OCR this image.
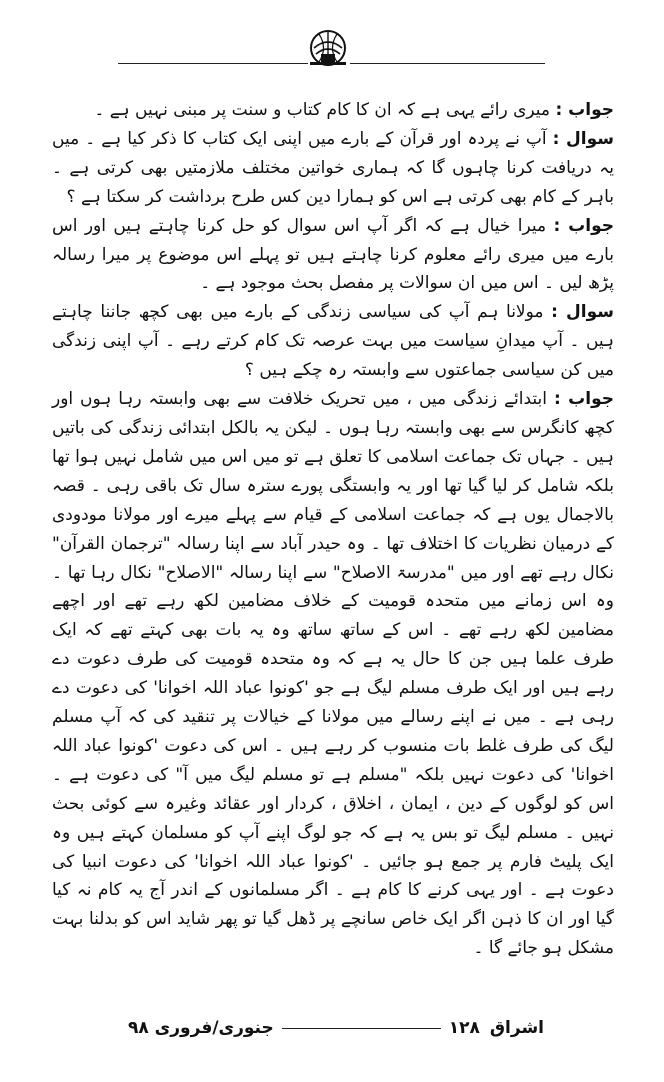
جواب : میری رائے یہی ہے کہ ان کا کام کتاب و سنت پر مبنی نہیں ہے ۔

سوال : آپ نے پردہ اور قرآن کے بارے میں اپنی ایک کتاب کا ذکر کیا ہے ۔ میں یہ دریافت کرنا چاہوں گا کہ ہماری خواتین مختلف ملازمتیں بھی کرتی ہے ۔ باہر کے کام بھی کرتی ہے اس کو ہمارا دین کس طرح برداشت کر سکتا ہے ؟

جواب : میرا خیال ہے کہ اگر آپ اس سوال کو حل کرنا چاہتے ہیں اور اس بارے میں میری رائے معلوم کرنا چاہتے ہیں تو پہلے اس موضوع پر میرا رسالہ پڑھ لیں ۔ اس میں ان سوالات پر مفصل بحث موجود ہے ۔

سوال : مولانا ہم آپ کی سیاسی زندگی کے بارے میں بھی کچھ جاننا چاہتے ہیں ۔ آپ میدانِ سیاست میں بہت عرصہ تک کام کرتے رہے ۔ آپ اپنی زندگی میں کن سیاسی جماعتوں سے وابستہ رہ چکے ہیں ؟

جواب : ابتدائے زندگی میں ، میں تحریک خلافت سے بھی وابستہ رہا ہوں اور کچھ کانگرس سے بھی وابستہ رہا ہوں ۔ لیکن یہ بالکل ابتدائی زندگی کی باتیں ہیں ۔ جہاں تک جماعت اسلامی کا تعلق ہے تو میں اس میں شامل نہیں ہوا تھا بلکہ شامل کر لیا گیا تھا اور یہ وابستگی پورے سترہ سال تک باقی رہی ۔ قصہ بالاجمال یوں ہے کہ جماعت اسلامی کے قیام سے پہلے میرے اور مولانا مودودی کے درمیان نظریات کا اختلاف تھا ۔ وہ حیدر آباد سے اپنا رسالہ "ترجمان القرآن" نکال رہے تھے اور میں "مدرسۃ الاصلاح" سے اپنا رسالہ "الاصلاح" نکال رہا تھا ۔ وہ اس زمانے میں متحدہ قومیت کے خلاف مضامین لکھ رہے تھے اور اچھے مضامین لکھ رہے تھے ۔ اس کے ساتھ ساتھ وہ یہ بات بھی کہتے تھے کہ ایک طرف علما ہیں جن کا حال یہ ہے کہ وہ متحدہ قومیت کی طرف دعوت دے رہے ہیں اور ایک طرف مسلم لیگ ہے جو 'کونوا عباد اللہ اخوانا' کی دعوت دے رہی ہے ۔ میں نے اپنے رسالے میں مولانا کے خیالات پر تنقید کی کہ آپ مسلم لیگ کی طرف غلط بات منسوب کر رہے ہیں ۔ اس کی دعوت 'کونوا عباد اللہ اخوانا' کی دعوت نہیں بلکہ "مسلم ہے تو مسلم لیگ میں آ" کی دعوت ہے ۔ اس کو لوگوں کے دین ، ایمان ، اخلاق ، کردار اور عقائد وغیرہ سے کوئی بحث نہیں ۔ مسلم لیگ تو بس یہ ہے کہ جو لوگ اپنے آپ کو مسلمان کہتے ہیں وہ ایک پلیٹ فارم پر جمع ہو جائیں ۔ 'کونوا عباد اللہ اخوانا' کی دعوت انبیا کی دعوت ہے ۔ اور یہی کرنے کا کام ہے ۔ اگر مسلمانوں کے اندر آج یہ کام نہ کیا گیا اور ان کا ذہن اگر ایک خاص سانچے پر ڈھل گیا تو پھر شاید اس کو بدلنا بہت مشکل ہو جائے گا ۔

اشراق
۱۲۸
جنوری/فروری ۹۸
